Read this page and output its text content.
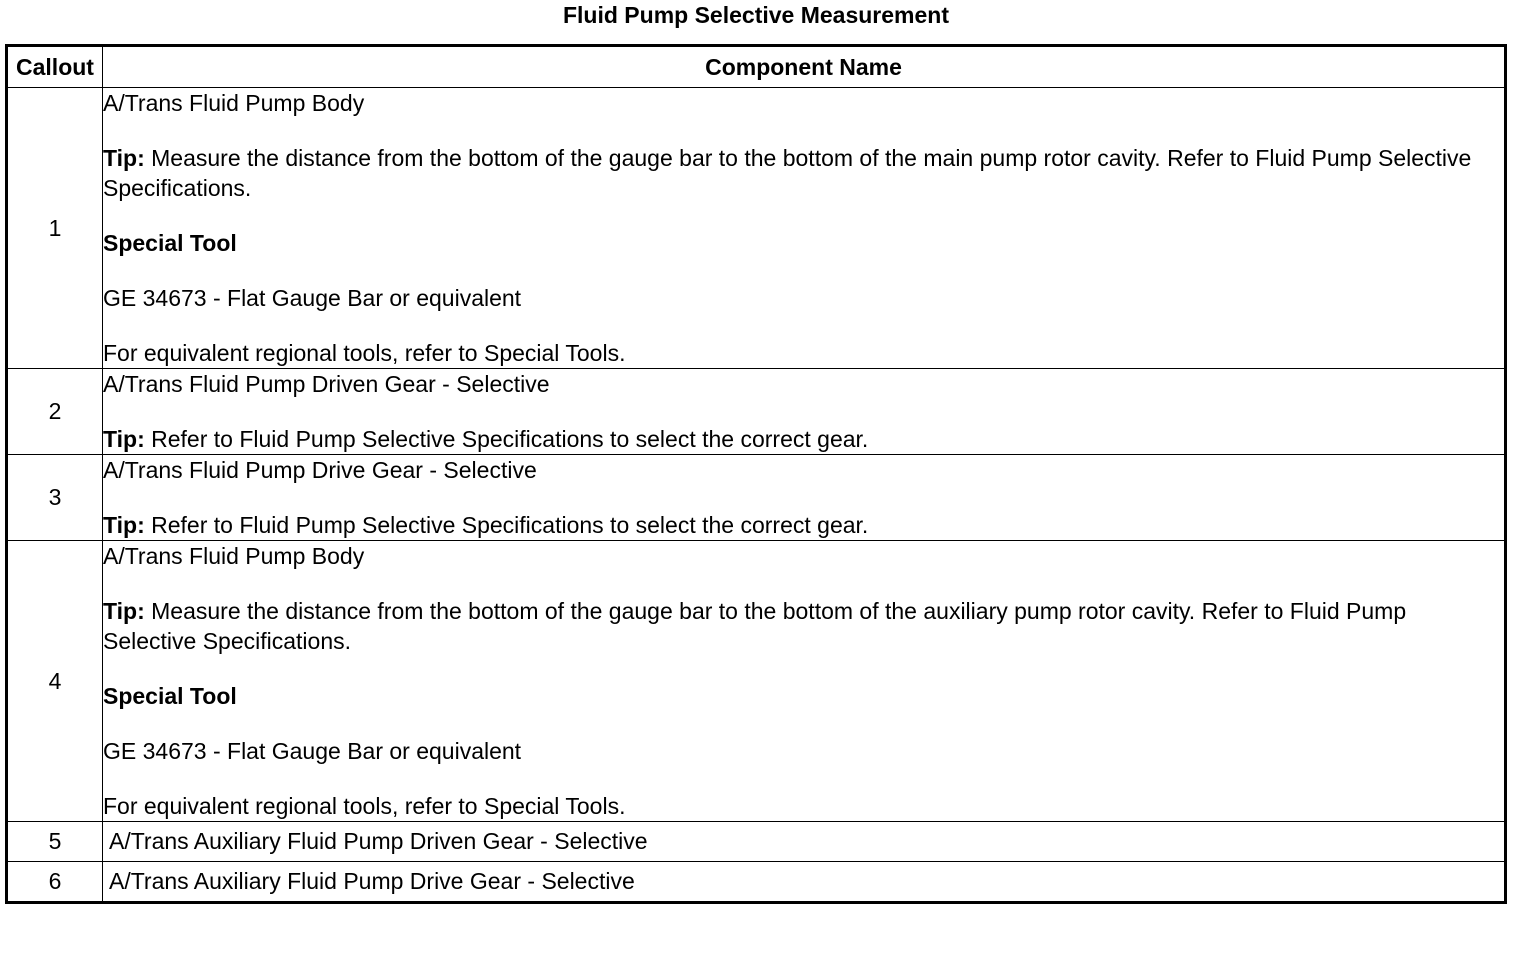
Fluid Pump Selective Measurement
Callout	Component Name
1	A/Trans Fluid Pump Body

Tip: Measure the distance from the bottom of the gauge bar to the bottom of the main pump rotor cavity. Refer to Fluid Pump Selective Specifications.

Special Tool

GE 34673 - Flat Gauge Bar or equivalent

For equivalent regional tools, refer to Special Tools.

2	A/Trans Fluid Pump Driven Gear - Selective

Tip: Refer to Fluid Pump Selective Specifications to select the correct gear.

3	A/Trans Fluid Pump Drive Gear - Selective

Tip: Refer to Fluid Pump Selective Specifications to select the correct gear.

4	A/Trans Fluid Pump Body

Tip: Measure the distance from the bottom of the gauge bar to the bottom of the auxiliary pump rotor cavity. Refer to Fluid Pump Selective Specifications.

Special Tool

GE 34673 - Flat Gauge Bar or equivalent

For equivalent regional tools, refer to Special Tools.

5	A/Trans Auxiliary Fluid Pump Driven Gear - Selective
6	A/Trans Auxiliary Fluid Pump Drive Gear - Selective
